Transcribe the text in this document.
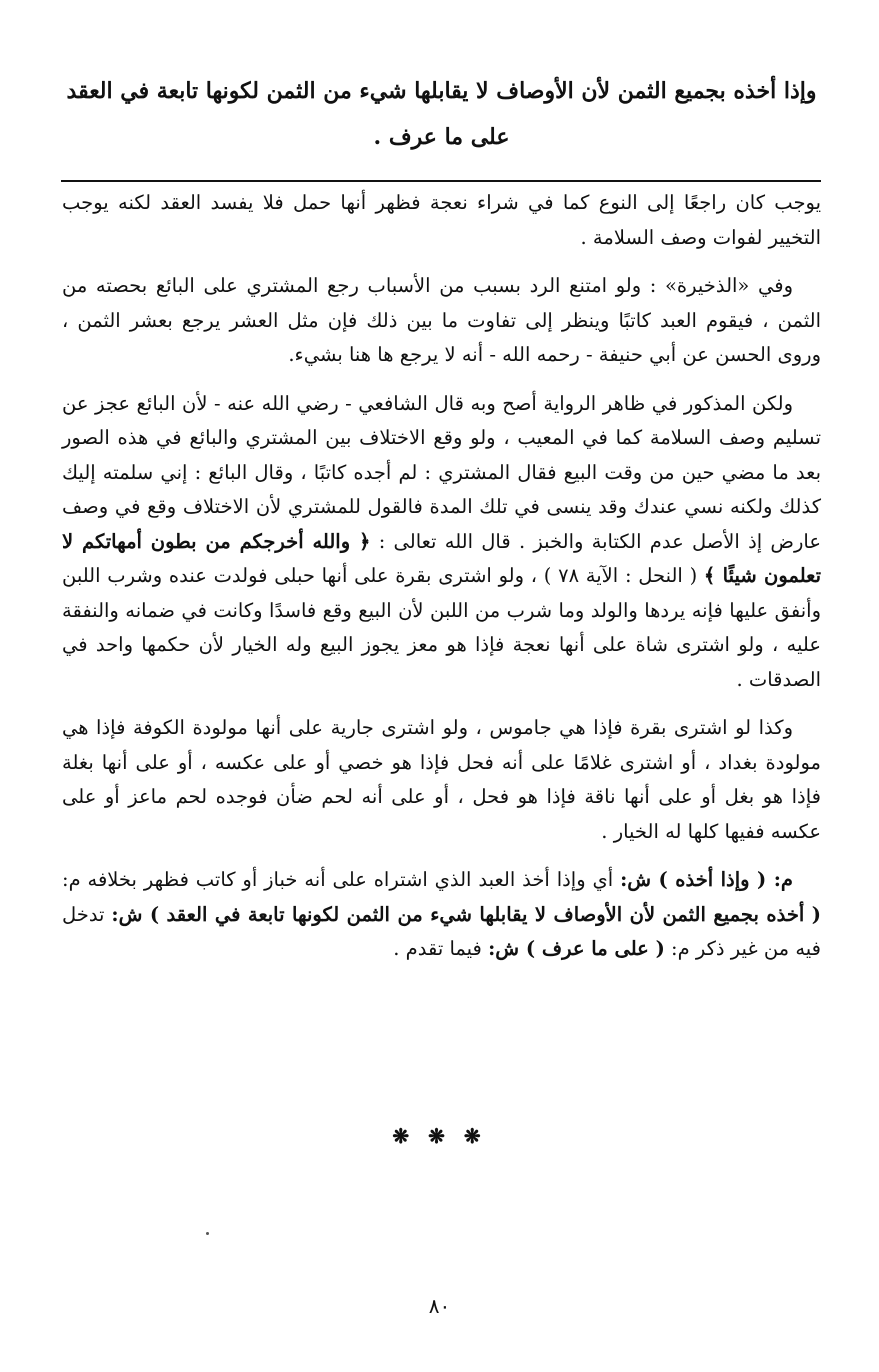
وإذا أخذه بجميع الثمن لأن الأوصاف لا يقابلها شيء من الثمن لكونها تابعة في العقد على ما عرف .

يوجب كان راجعًا إلى النوع كما في شراء نعجة فظهر أنها حمل فلا يفسد العقد لكنه يوجب التخيير لفوات وصف السلامة .

وفي «الذخيرة» : ولو امتنع الرد بسبب من الأسباب رجع المشتري على البائع بحصته من الثمن ، فيقوم العبد كاتبًا وينظر إلى تفاوت ما بين ذلك فإن مثل العشر يرجع بعشر الثمن ، وروى الحسن عن أبي حنيفة - رحمه الله - أنه لا يرجع ها هنا بشيء.

ولكن المذكور في ظاهر الرواية أصح وبه قال الشافعي - رضي الله عنه - لأن البائع عجز عن تسليم وصف السلامة كما في المعيب ، ولو وقع الاختلاف بين المشتري والبائع في هذه الصور بعد ما مضي حين من وقت البيع فقال المشتري : لم أجده كاتبًا ، وقال البائع : إني سلمته إليك كذلك ولكنه نسي عندك وقد ينسى في تلك المدة فالقول للمشتري لأن الاختلاف وقع في وصف عارض إذ الأصل عدم الكتابة والخبز . قال الله تعالى : ﴿ والله أخرجكم من بطون أمهاتكم لا تعلمون شيئًا ﴾ ( النحل : الآية ٧٨ ) ، ولو اشترى بقرة على أنها حبلى فولدت عنده وشرب اللبن وأنفق عليها فإنه يردها والولد وما شرب من اللبن لأن البيع وقع فاسدًا وكانت في ضمانه والنفقة عليه ، ولو اشترى شاة على أنها نعجة فإذا هو معز يجوز البيع وله الخيار لأن حكمها واحد في الصدقات .

وكذا لو اشترى بقرة فإذا هي جاموس ، ولو اشترى جارية على أنها مولودة الكوفة فإذا هي مولودة بغداد ، أو اشترى غلامًا على أنه فحل فإذا هو خصي أو على عكسه ، أو على أنها بغلة فإذا هو بغل أو على أنها ناقة فإذا هو فحل ، أو على أنه لحم ضأن فوجده لحم ماعز أو على عكسه ففيها كلها له الخيار .

م: ( وإذا أخذه ) ش: أي وإذا أخذ العبد الذي اشتراه على أنه خباز أو كاتب فظهر بخلافه م: ( أخذه بجميع الثمن لأن الأوصاف لا يقابلها شيء من الثمن لكونها تابعة في العقد ) ش: تدخل فيه من غير ذكر م: ( على ما عرف ) ش: فيما تقدم .

❋ ❋ ❋
٨٠
